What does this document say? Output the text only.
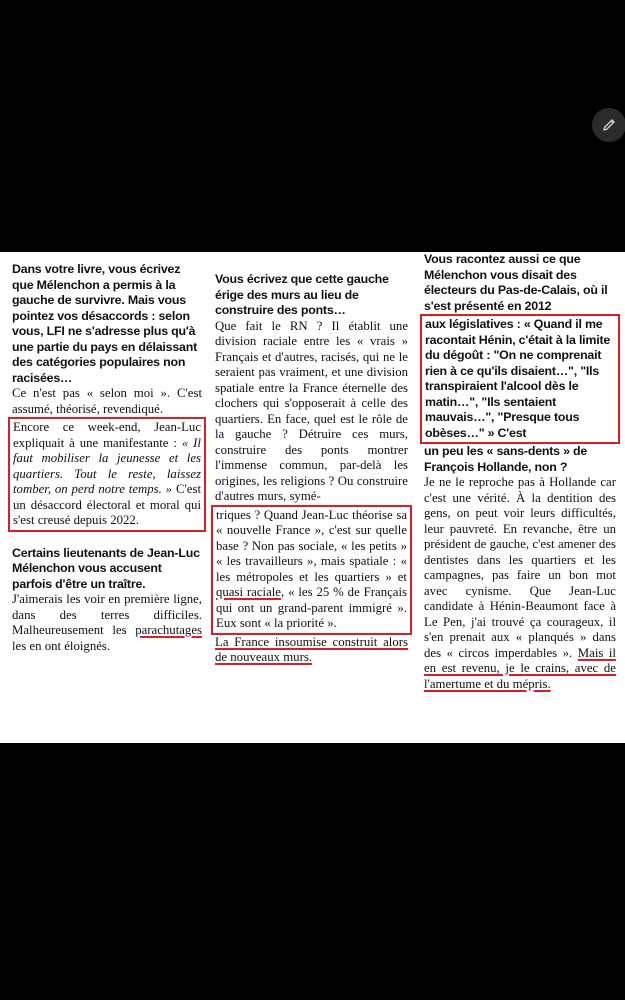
Dans votre livre, vous écrivez que Mélenchon a permis à la gauche de survivre. Mais vous pointez vos désaccords : selon vous, LFI ne s'adresse plus qu'à une partie du pays en délaissant des catégories populaires non racisées…

Ce n'est pas « selon moi ». C'est assumé, théorisé, revendiqué.

Encore ce week-end, Jean-Luc expliquait à une manifestante : « Il faut mobiliser la jeunesse et les quartiers. Tout le reste, laissez tomber, on perd notre temps. » C'est un désaccord électoral et moral qui s'est creusé depuis 2022.

Certains lieutenants de Jean-Luc Mélenchon vous accusent parfois d'être un traître.

J'aimerais les voir en première ligne, dans des terres difficiles. Malheureusement les parachutages les en ont éloignés.

Vous écrivez que cette gauche érige des murs au lieu de construire des ponts…

Que fait le RN ? Il établit une division raciale entre les « vrais » Français et d'autres, racisés, qui ne le seraient pas vraiment, et une division spatiale entre la France éternelle des clochers qui s'opposerait à celle des quartiers. En face, quel est le rôle de la gauche ? Détruire ces murs, construire des ponts montrer l'immense commun, par-delà les origines, les religions ? Ou construire d'autres murs, symé-

triques ? Quand Jean-Luc théorise sa « nouvelle France », c'est sur quelle base ? Non pas sociale, « les petits » « les travailleurs », mais spatiale : « les métropoles et les quartiers » et quasi raciale, « les 25 % de Français qui ont un grand-parent immigré ». Eux sont « la priorité ».

La France insoumise construit alors de nouveaux murs.

Vous racontez aussi ce que Mélenchon vous disait des électeurs du Pas-de-Calais, où il s'est présenté en 2012

aux législatives : « Quand il me racontait Hénin, c'était à la limite du dégoût : "On ne comprenait rien à ce qu'ils disaient…", "Ils transpiraient l'alcool dès le matin…", "Ils sentaient mauvais…", "Presque tous obèses…" » C'est

un peu les « sans-dents » de François Hollande, non ?

Je ne le reproche pas à Hollande car c'est une vérité. À la dentition des gens, on peut voir leurs difficultés, leur pauvreté. En revanche, être un président de gauche, c'est amener des dentistes dans les quartiers et les campagnes, pas faire un bon mot avec cynisme. Que Jean-Luc candidate à Hénin-Beaumont face à Le Pen, j'ai trouvé ça courageux, il s'en prenait aux « planqués » dans des « circos imperdables ». Mais il en est revenu, je le crains, avec de l'amertume et du mépris.
